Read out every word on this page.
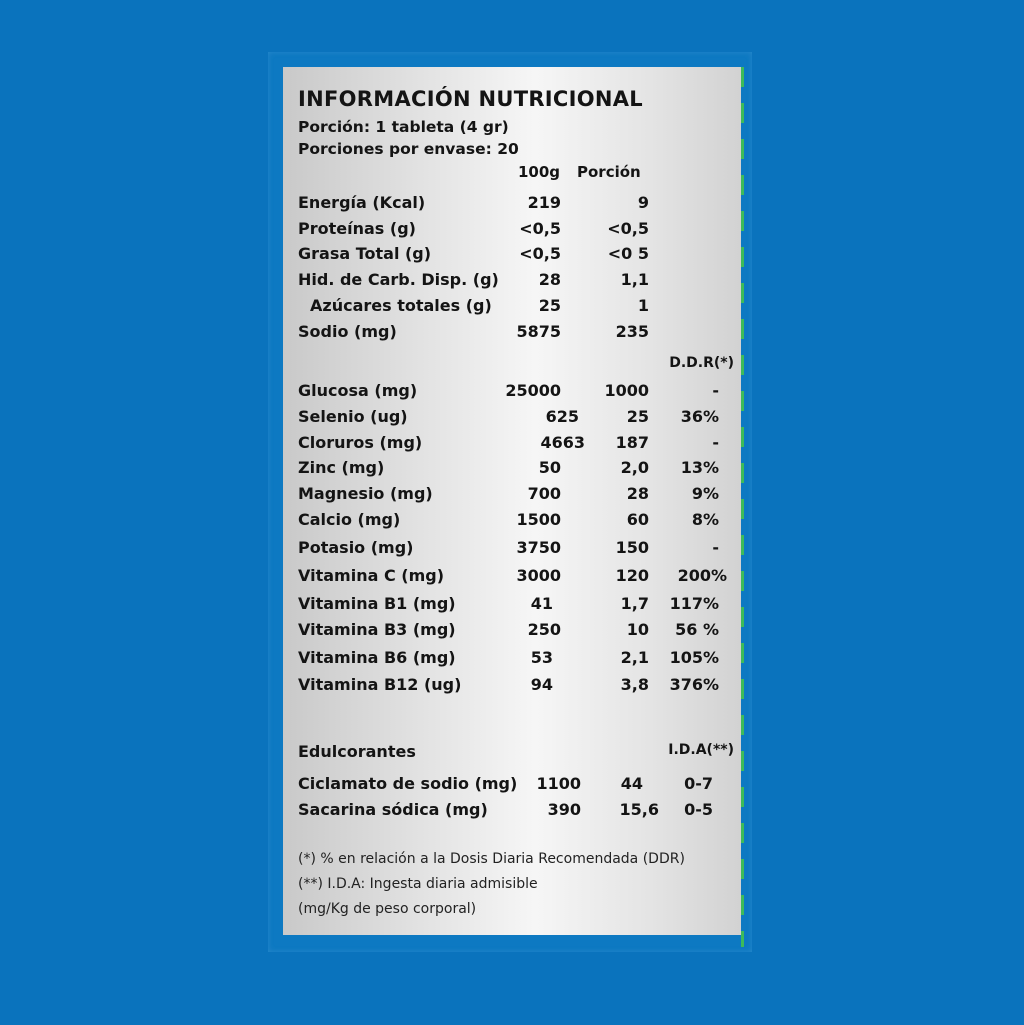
INFORMACIÓN NUTRICIONAL
Porción: 1 tableta (4 gr)
Porciones por envase: 20
100g Porción
Energía (Kcal)	219	9
Proteínas (g)	<0,5	<0,5
Grasa Total (g)	<0,5	<0 5
Hid. de Carb. Disp. (g) 28	1,1
Azúcares totales (g)	25	1
Sodio (mg)	5875	235
D.D.R(*)
Glucosa (mg)	25000	1000	-
Selenio (ug)	625	25 36%
Cloruros (mg)	4663 187	-
Zinc (mg)	50	2,0 13%
Magnesio (mg)	700	28	9%
Calcio (mg)	1500	60	8%
Potasio (mg)	3750	150	-
Vitamina C (mg)	3000	120 200%
Vitamina B1 (mg)	41	1,7 117%
Vitamina B3 (mg)	250	10 56 %
Vitamina B6 (mg)	53	2,1 105%
Vitamina B12 (ug)	94	3,8 376%
Edulcorantes	I.D.A(**)
Ciclamato de sodio (mg) 1100 44	0-7
Sacarina sódica (mg)	390 15,6 0-5
(*) % en relación a la Dosis Diaria Recomendada (DDR)
(**) I.D.A: Ingesta diaria admisible
(mg/Kg de peso corporal)
